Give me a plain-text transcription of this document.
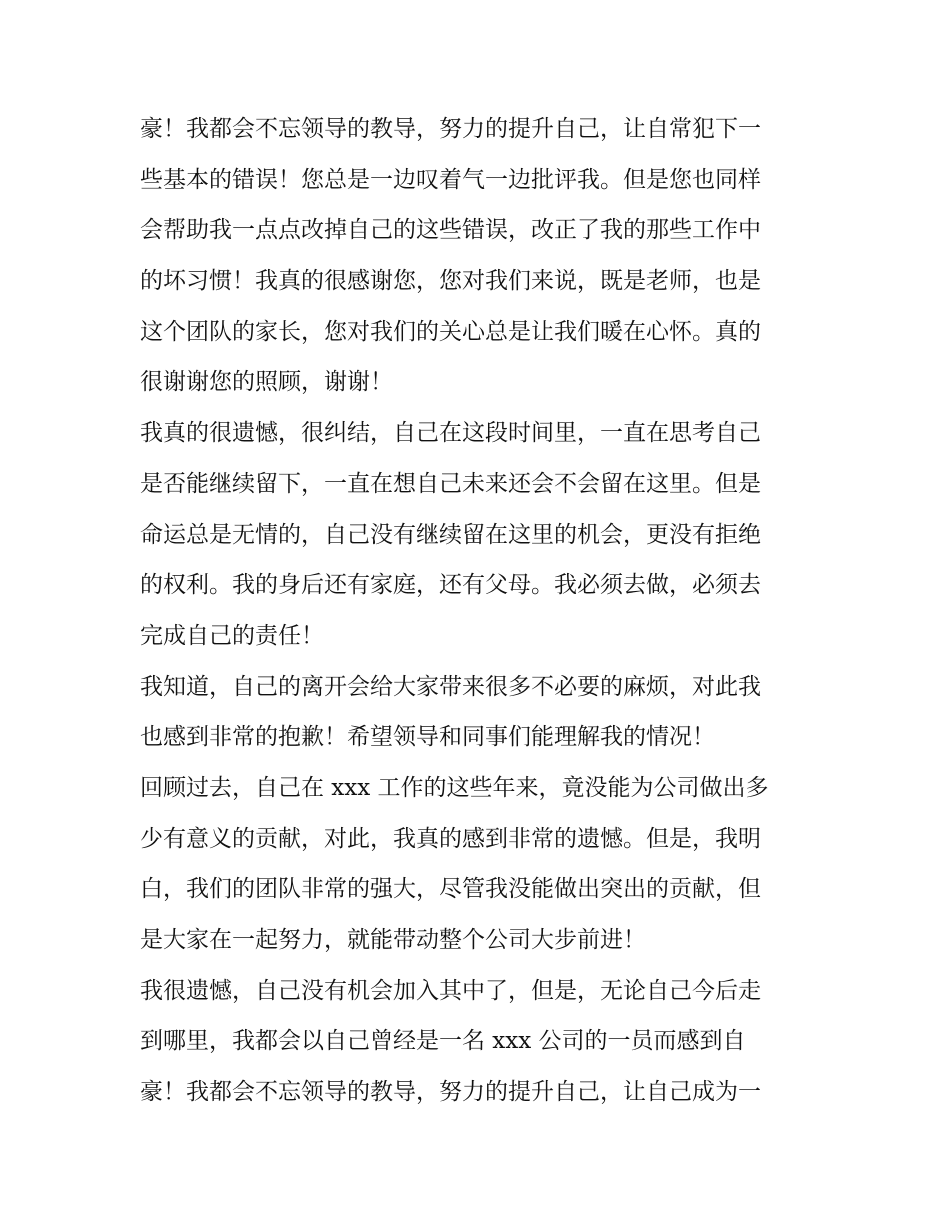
豪！我都会不忘领导的教导，努力的提升自己，让自常犯下一
些基本的错误！您总是一边叹着气一边批评我。但是您也同样
会帮助我一点点改掉自己的这些错误，改正了我的那些工作中
的坏习惯！我真的很感谢您，您对我们来说，既是老师，也是
这个团队的家长，您对我们的关心总是让我们暖在心怀。真的
很谢谢您的照顾，谢谢！
我真的很遗憾，很纠结，自己在这段时间里，一直在思考自己
是否能继续留下，一直在想自己未来还会不会留在这里。但是
命运总是无情的，自己没有继续留在这里的机会，更没有拒绝
的权利。我的身后还有家庭，还有父母。我必须去做，必须去
完成自己的责任！
我知道，自己的离开会给大家带来很多不必要的麻烦，对此我
也感到非常的抱歉！希望领导和同事们能理解我的情况！
回顾过去，自己在 xxx 工作的这些年来，竟没能为公司做出多
少有意义的贡献，对此，我真的感到非常的遗憾。但是，我明
白，我们的团队非常的强大，尽管我没能做出突出的贡献，但
是大家在一起努力，就能带动整个公司大步前进！
我很遗憾，自己没有机会加入其中了，但是，无论自己今后走
到哪里，我都会以自己曾经是一名 xxx 公司的一员而感到自
豪！我都会不忘领导的教导，努力的提升自己，让自己成为一
